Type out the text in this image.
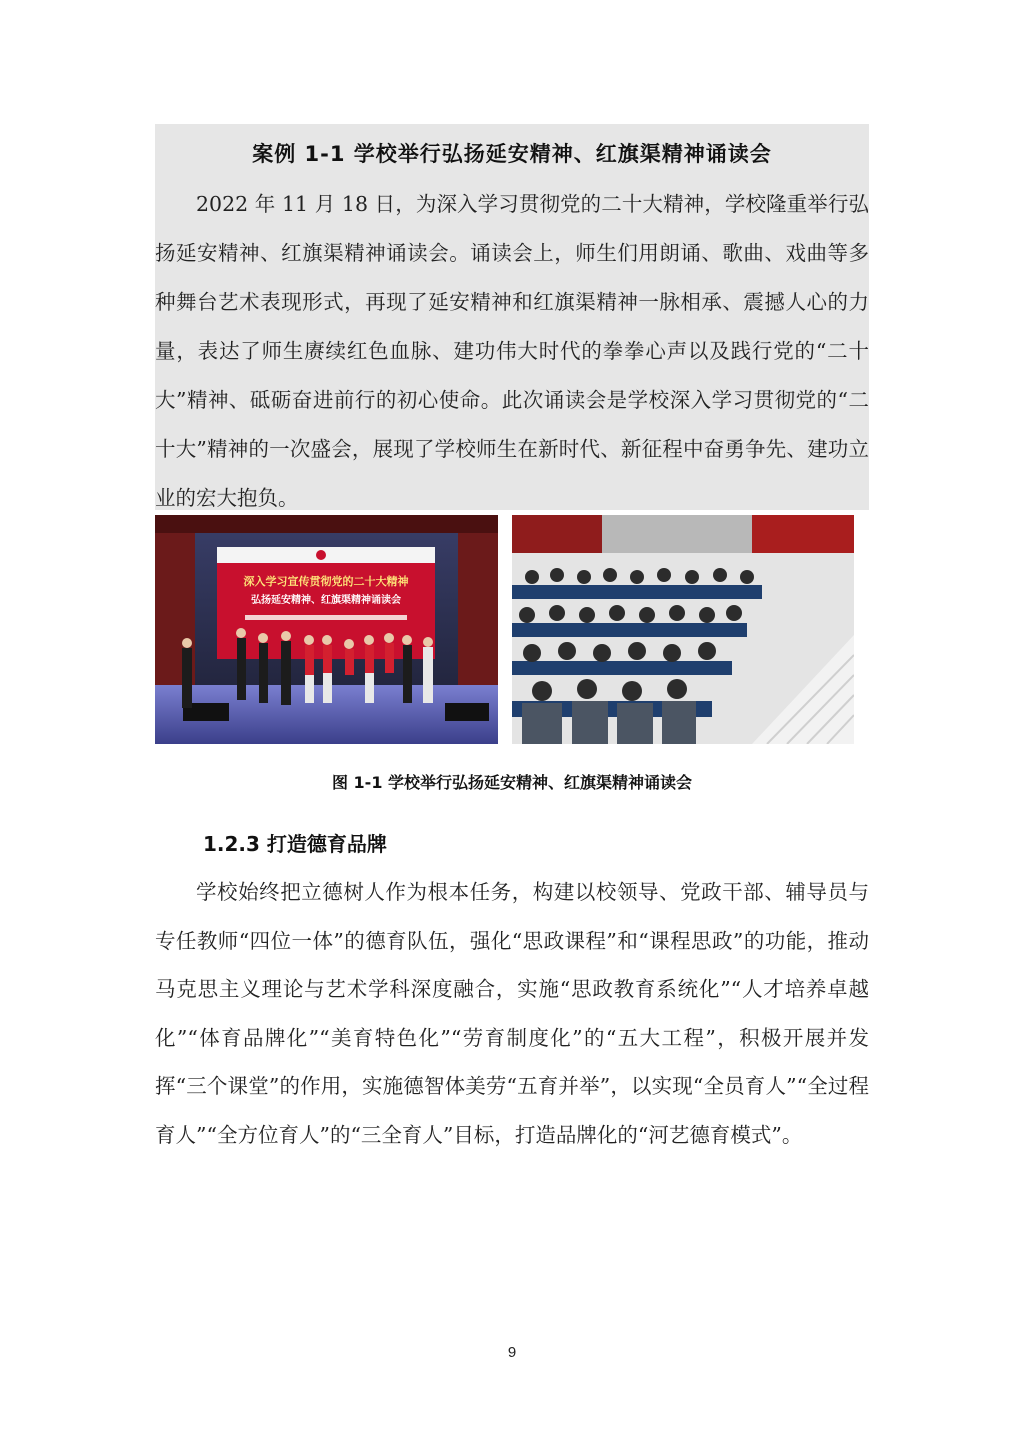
案例 1-1 学校举行弘扬延安精神、红旗渠精神诵读会

2022 年 11 月 18 日，为深入学习贯彻党的二十大精神，学校隆重举行弘扬延安精神、红旗渠精神诵读会。诵读会上，师生们用朗诵、歌曲、戏曲等多种舞台艺术表现形式，再现了延安精神和红旗渠精神一脉相承、震撼人心的力量，表达了师生赓续红色血脉、建功伟大时代的拳拳心声以及践行党的“二十大”精神、砥砺奋进前行的初心使命。此次诵读会是学校深入学习贯彻党的“二十大”精神的一次盛会，展现了学校师生在新时代、新征程中奋勇争先、建功立业的宏大抱负。

深入学习宣传贯彻党的二十大精神
弘扬延安精神、红旗渠精神诵读会
图 1-1 学校举行弘扬延安精神、红旗渠精神诵读会
1.2.3 打造德育品牌

学校始终把立德树人作为根本任务，构建以校领导、党政干部、辅导员与专任教师“四位一体”的德育队伍，强化“思政课程”和“课程思政”的功能，推动马克思主义理论与艺术学科深度融合，实施“思政教育系统化”“人才培养卓越化”“体育品牌化”“美育特色化”“劳育制度化”的“五大工程”，积极开展并发挥“三个课堂”的作用，实施德智体美劳“五育并举”，以实现“全员育人”“全过程育人”“全方位育人”的“三全育人”目标，打造品牌化的“河艺德育模式”。

9
